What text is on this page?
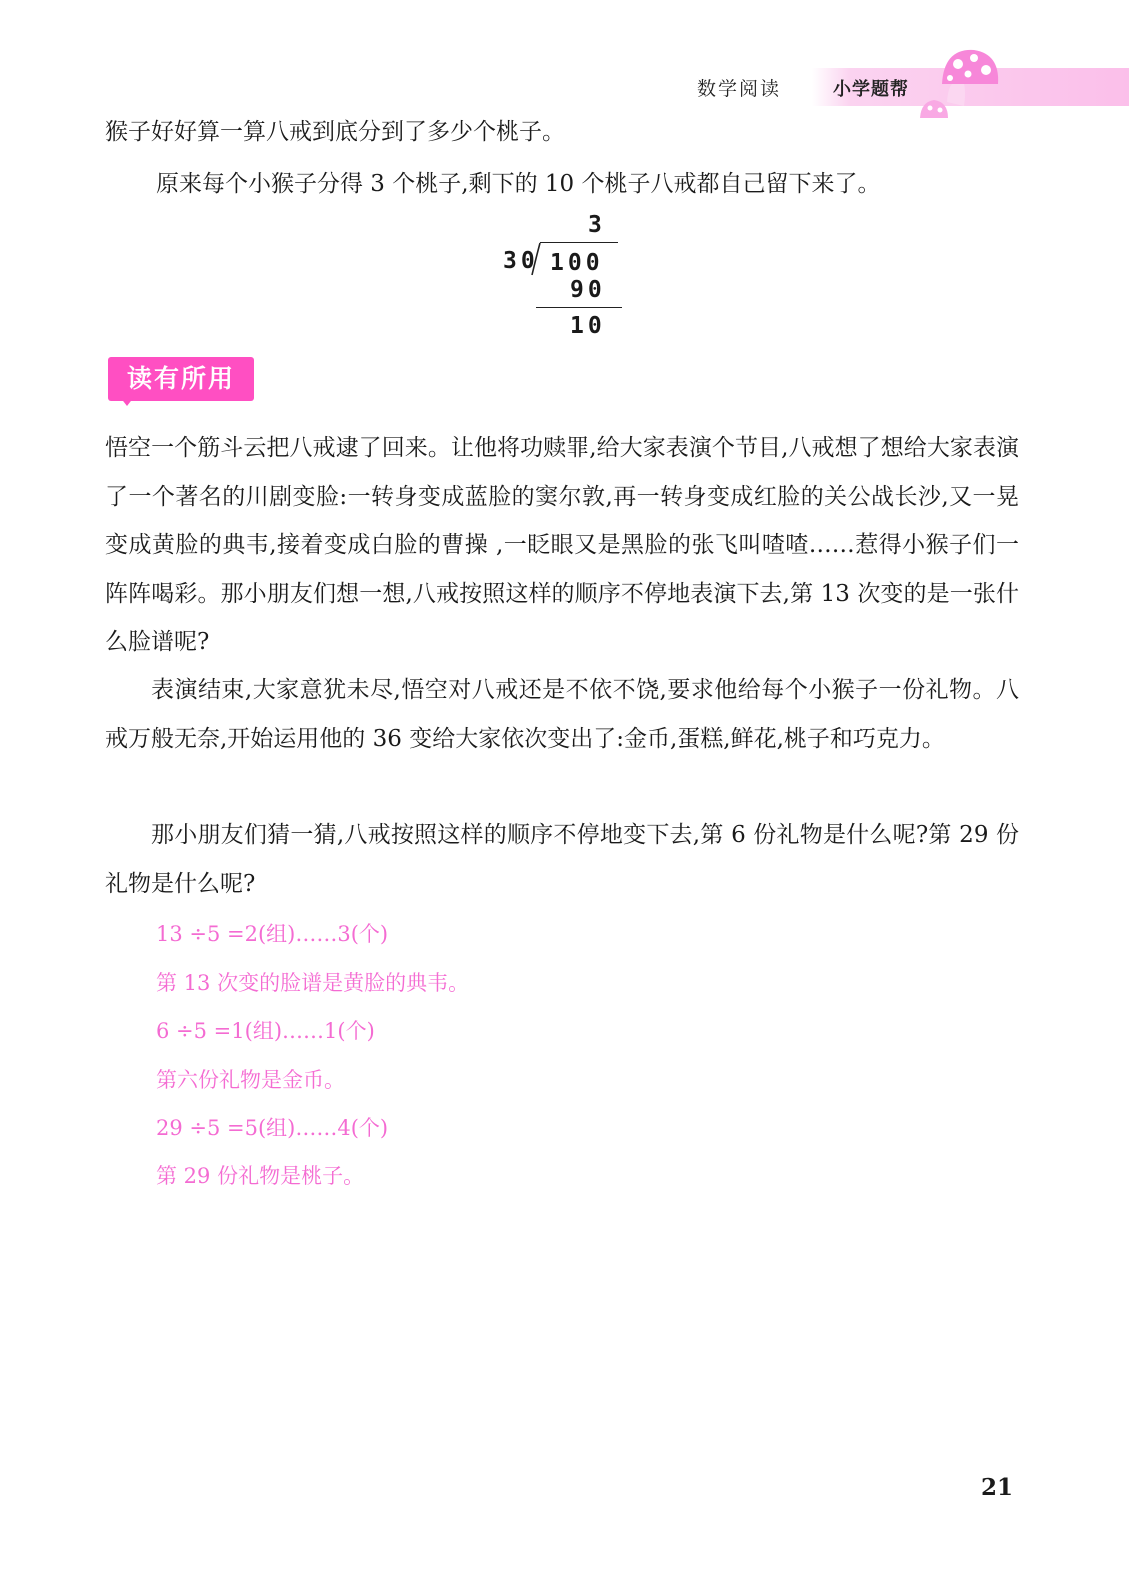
数学阅读	小学题帮
猴子好好算一算八戒到底分到了多少个桃子。
原来每个小猴子分得 3 个桃子,剩下的 10 个桃子八戒都自己留下来了。
3
30 100
90
10
读有所用

悟空一个筋斗云把八戒逮了回来。让他将功赎罪,给大家表演个节目,八戒想了想给大家表演了一个著名的川剧变脸:一转身变成蓝脸的窦尔敦,再一转身变成红脸的关公战长沙,又一晃变成黄脸的典韦,接着变成白脸的曹操 ,一眨眼又是黑脸的张飞叫喳喳……惹得小猴子们一阵阵喝彩。那小朋友们想一想,八戒按照这样的顺序不停地表演下去,第 13 次变的是一张什么脸谱呢?

表演结束,大家意犹未尽,悟空对八戒还是不依不饶,要求他给每个小猴子一份礼物。八戒万般无奈,开始运用他的 36 变给大家依次变出了:金币,蛋糕,鲜花,桃子和巧克力。

那小朋友们猜一猜,八戒按照这样的顺序不停地变下去,第 6 份礼物是什么呢?第 29 份礼物是什么呢?

13 ÷5 =2(组)……3(个)
第 13 次变的脸谱是黄脸的典韦。
6 ÷5 =1(组)……1(个)
第六份礼物是金币。
29 ÷5 =5(组)……4(个)
第 29 份礼物是桃子。
21
